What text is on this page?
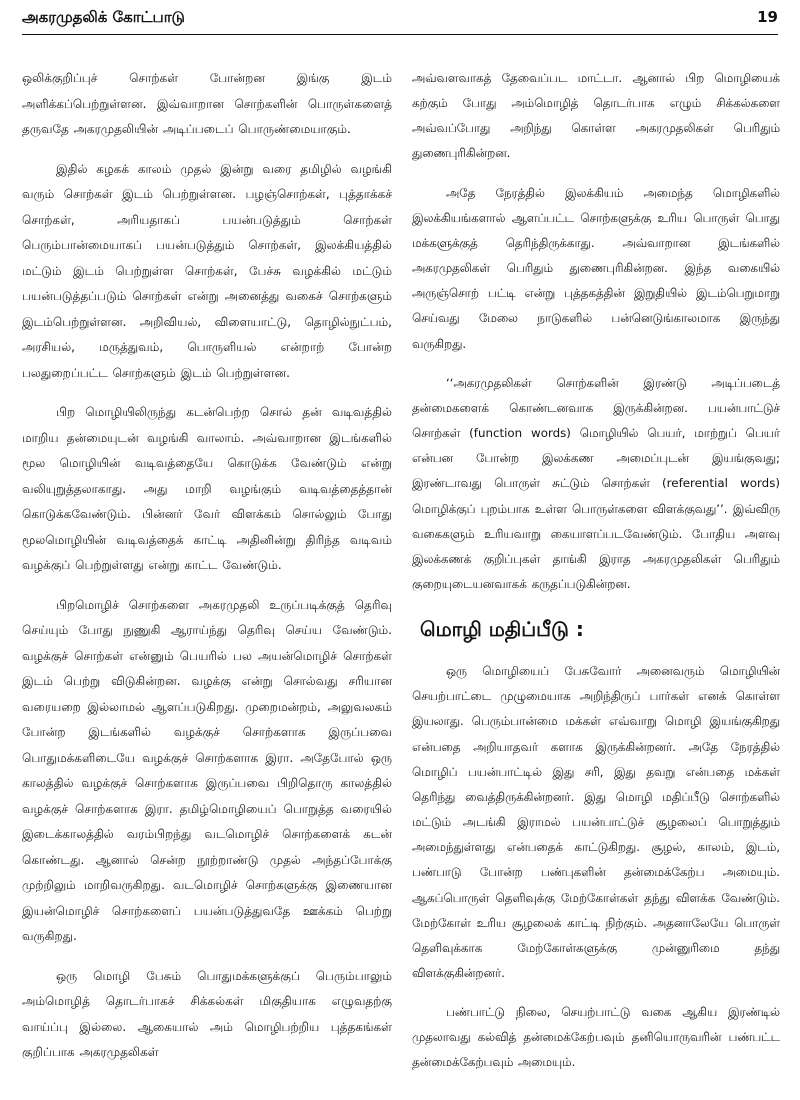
அகரமுதலிக் கோட்பாடு	19

ஒலிக்குறிப்புச் சொற்கள் போன்றன இங்கு இடம் அளிக்கப்பெற்றுள்ளன. இவ்வாறான சொற்களின் பொருள்களைத் தருவதே அகரமுதலியின் அடிப்படைப் பொருண்மையாகும்.

இதில் கழகக் காலம் முதல் இன்று வரை தமிழில் வழங்கி வரும் சொற்கள் இடம் பெற்றுள்ளன. பழஞ்சொற்கள், புத்தாக்கச் சொற்கள், அரியதாகப் பயன்படுத்தும் சொற்கள் பெரும்பான்மையாகப் பயன்படுத்தும் சொற்கள், இலக்கியத்தில் மட்டும் இடம் பெற்றுள்ள சொற்கள், பேச்சு வழக்கில் மட்டும் பயன்படுத்தப்படும் சொற்கள் என்று அனைத்து வகைச் சொற்களும் இடம்பெற்றுள்ளன. அறிவியல், விளையாட்டு, தொழில்நுட்பம், அரசியல், மருத்துவம், பொருளியல் என்றாற் போன்ற பலதுறைப்பட்ட சொற்களும் இடம் பெற்றுள்ளன.

பிற மொழியிலிருந்து கடன்பெற்ற சொல் தன் வடிவத்தில் மாறிய தன்மையுடன் வழங்கி வாலாம். அவ்வாறான இடங்களில் மூல மொழியின் வடிவத்தையே கொடுக்க வேண்டும் என்று வலியுறுத்தலாகாது. அது மாறி வழங்கும் வடிவத்தைத்தான் கொடுக்கவேண்டும். பின்னர் வேர் விளக்கம் சொல்லும் போது மூலமொழியின் வடிவத்தைக் காட்டி அதினின்று திரிந்த வடிவம் வழக்குப் பெற்றுள்ளது என்று காட்ட வேண்டும்.

பிறமொழிச் சொற்களை அகரமுதலி உருப்படிக்குத் தெரிவு செய்யும் போது நுணுகி ஆராய்ந்து தெரிவு செய்ய வேண்டும். வழக்குச் சொற்கள் என்னும் பெயரில் பல அயன்மொழிச் சொற்கள் இடம் பெற்று விடுகின்றன. வழக்கு என்று சொல்வது சரியான வரையறை இல்லாமல் ஆளப்படுகிறது. முறைமன்றம், அலுவலகம் போன்ற இடங்களில் வழக்குச் சொற்களாக இருப்பவை பொதுமக்களிடையே வழக்குச் சொற்களாக இரா. அதேபோல் ஒரு காலத்தில் வழக்குச் சொற்களாக இருப்பவை பிறிதொரு காலத்தில் வழக்குச் சொற்களாக இரா. தமிழ்மொழியைப் பொறுத்த வரையில் இடைக்காலத்தில் வரம்பிறந்து வடமொழிச் சொற்களைக் கடன் கொண்டது. ஆனால் சென்ற நூற்றாண்டு முதல் அந்தப்போக்கு முற்றிலும் மாறிவருகிறது. வடமொழிச் சொற்களுக்கு இணையான இயன்மொழிச் சொற்களைப் பயன்படுத்துவதே ஊக்கம் பெற்று வருகிறது.

ஒரு மொழி பேசும் பொதுமக்களுக்குப் பெரும்பாலும் அம்மொழித் தொடர்பாகச் சிக்கல்கள் மிகுதியாக எழுவதற்கு வாய்ப்பு இல்லை. ஆகையால் அம் மொழிபற்றிய புத்தகங்கள் குறிப்பாக அகரமுதலிகள்

அவ்வளவாகத் தேவைப்பட மாட்டா. ஆனால் பிற மொழியைக் கற்கும் போது அம்மொழித் தொடர்பாக எழும் சிக்கல்களை அவ்வப்போது அறிந்து கொள்ள அகரமுதலிகள் பெரிதும் துணைபுரிகின்றன.

அதே நேரத்தில் இலக்கியம் அமைந்த மொழிகளில் இலக்கியங்களால் ஆளப்பட்ட சொற்களுக்கு உரிய பொருள் பொது மக்களுக்குத் தெரிந்திருக்காது. அவ்வாறான இடங்களில் அகரமுதலிகள் பெரிதும் துணைபுரிகின்றன. இந்த வகையில் அருஞ்சொற் பட்டி என்று புத்தகத்தின் இறுதியில் இடம்பெறுமாறு செய்வது மேலை நாடுகளில் பன்னெடுங்காலமாக இருந்து வருகிறது.

‘‘அகரமுதலிகள் சொற்களின் இரண்டு அடிப்படைத் தன்மைகளைக் கொண்டனவாக இருக்கின்றன. பயன்பாட்டுச் சொற்கள் (function words) மொழியில் பெயர், மாற்றுப் பெயர் என்பன போன்ற இலக்கண அமைப்புடன் இயங்குவது; இரண்டாவது பொருள் சுட்டும் சொற்கள் (referential words) மொழிக்குப் புறம்பாக உள்ள பொருள்களை விளக்குவது’’. இவ்விரு வகைகளும் உரியவாறு கையாளப்படவேண்டும். போதிய அளவு இலக்கணக் குறிப்புகள் தாங்கி இராத அகரமுதலிகள் பெரிதும் குறையுடையனவாகக் கருதப்படுகின்றன.

மொழி மதிப்பீடு :

ஒரு மொழியைப் பேசுவோர் அனைவரும் மொழியின் செயற்பாட்டை முழுமையாக அறிந்திருப் பார்கள் எனக் கொள்ள இயலாது. பெரும்பான்மை மக்கள் எவ்வாறு மொழி இயங்குகிறது என்பதை அறியாதவர் களாக இருக்கின்றனர். அதே நேரத்தில் மொழிப் பயன்பாட்டில் இது சரி, இது தவறு என்பதை மக்கள் தெரிந்து வைத்திருக்கின்றனர். இது மொழி மதிப்பீடு சொற்களில் மட்டும் அடங்கி இராமல் பயன்பாட்டுச் சூழலைப் பொறுத்தும் அமைந்துள்ளது என்பதைக் காட்டுகிறது. சூழல், காலம், இடம், பண்பாடு போன்ற பண்புகளின் தன்மைக்கேற்ப அமையும். ஆகப்பொருள் தெளிவுக்கு மேற்கோள்கள் தந்து விளக்க வேண்டும். மேற்கோள் உரிய சூழலைக் காட்டி நிற்கும். அதனாலேயே பொருள் தெளிவுக்காக மேற்கோள்களுக்கு முன்னுரிமை தந்து விளக்குகின்றனர்.

பண்பாட்டு நிலை, செயற்பாட்டு வகை ஆகிய இரண்டில் முதலாவது கல்வித் தன்மைக்கேற்பவும் தனியொருவரின் பண்பட்ட தன்மைக்கேற்பவும் அமையும்.
